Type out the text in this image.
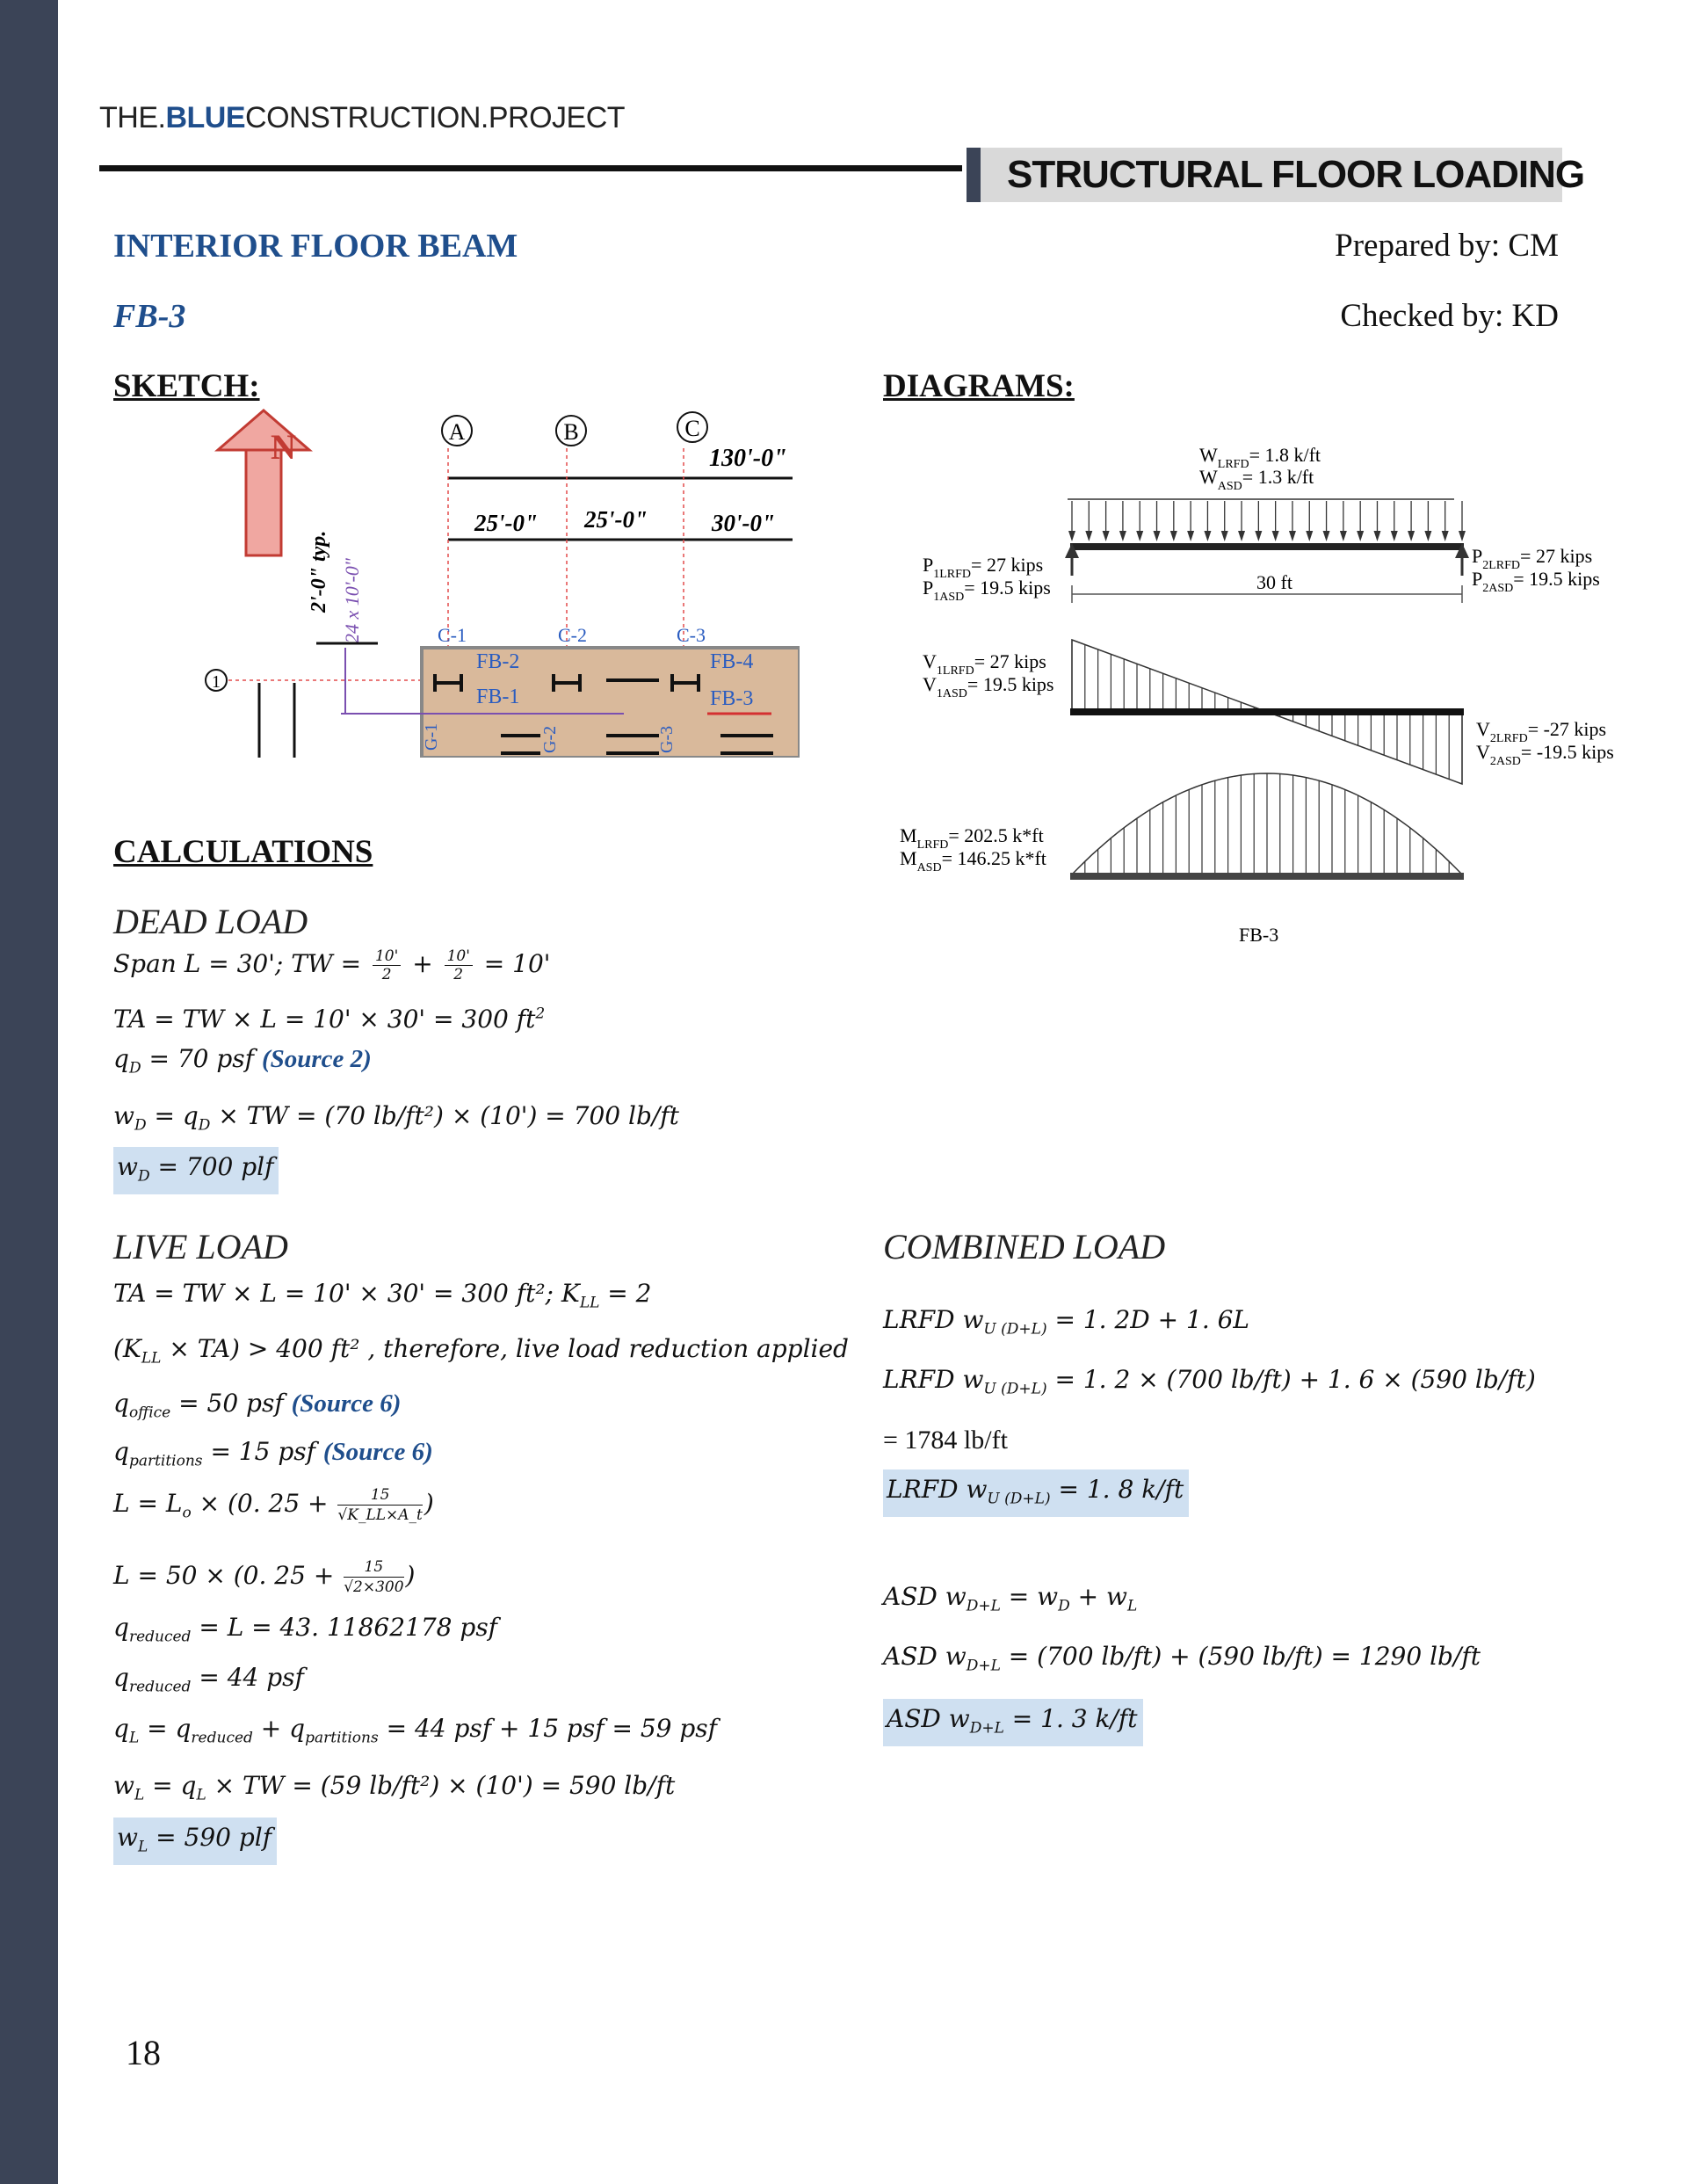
THE.BLUECONSTRUCTION.PROJECT
STRUCTURAL FLOOR LOADING
INTERIOR FLOOR BEAM
FB-3
Prepared by: CM
Checked by: KD
SKETCH:	DIAGRAMS:
N	A	B	C
130'-0"
25'-0" 25'-0"	30'-0"
2'-0" typ. 24 x 10'-0"
1
C-1	C-2	C-3
FB-2
FB-1
FB-4
FB-3
G-1	G-2	G-3
$W_{LRFD}= 1.8$ k/ft
$W_{ASD}= 1.3$ k/ft
$P_{1LRFD}= 27$ kips
$P_{1ASD}= 19.5$ kips
$P_{2LRFD}= 27$ kips
$P_{2ASD}= 19.5$ kips
30 ft
$V_{1LRFD}= 27$ kips
$V_{1ASD}= 19.5$ kips
$V_{2LRFD}= -27$ kips
$V_{2ASD}= -19.5$ kips
$M_{LRFD}= 202.5$ k*ft
$M_{ASD}= 146.25$ k*ft
FB-3
CALCULATIONS
DEAD LOAD
Span L = 30'; TW = $\frac{10'}{2} + \frac{10'}{2} = 10'$
TA = TW × L = 10' × 30' = 300 $ft^2$
$q_D = 70$ psf (Source 2)
$w_D = q_D$ × TW = (70 lb/ft²) × (10') = 700 lb/ft
$w_D = 700$ plf
LIVE LOAD
TA = TW × L = 10' × 30' = 300 ft²; $K_{LL} = 2$
$(K_{LL} \times TA) > 400$ ft² , therefore, live load reduction applied
$q_{office} = 50$ psf (Source 6)
$q_{partitions} = 15$ psf (Source 6)
$L = L_o \times (0$. $25 + \frac{15}{√K\_LL\times A\_t}$ )
L = 50 × (0. $25 + \frac{15}{√2\times 300}$ )
$q_{reduced} = L = 43$. 11862178 psf
$q_{reduced} = 44$ psf
$q_L = q_{reduced} + q_{partitions} = 44$ psf + 15 psf = 59 psf
$w_L = q_L$ × TW = (59 lb/ft²) × (10') = 590 lb/ft
$w_L = 590$ plf
COMBINED LOAD
LRFD $w_{U (D+L)} = 1$. 2D + 1. 6L
LRFD $w_{U (D+L)} = 1$. 2 × (700 lb/ft) + 1. 6 × (590 lb/ft)
= 1784 lb/ft
LRFD $w_{U (D+L)} = 1$. 8 k/ft
ASD $w_{D+L} = w_D + w_L$
ASD $w_{D+L} = (700$ lb/ft) + (590 lb/ft) = 1290 lb/ft
ASD $w_{D+L} = 1$. 3 k/ft
18
